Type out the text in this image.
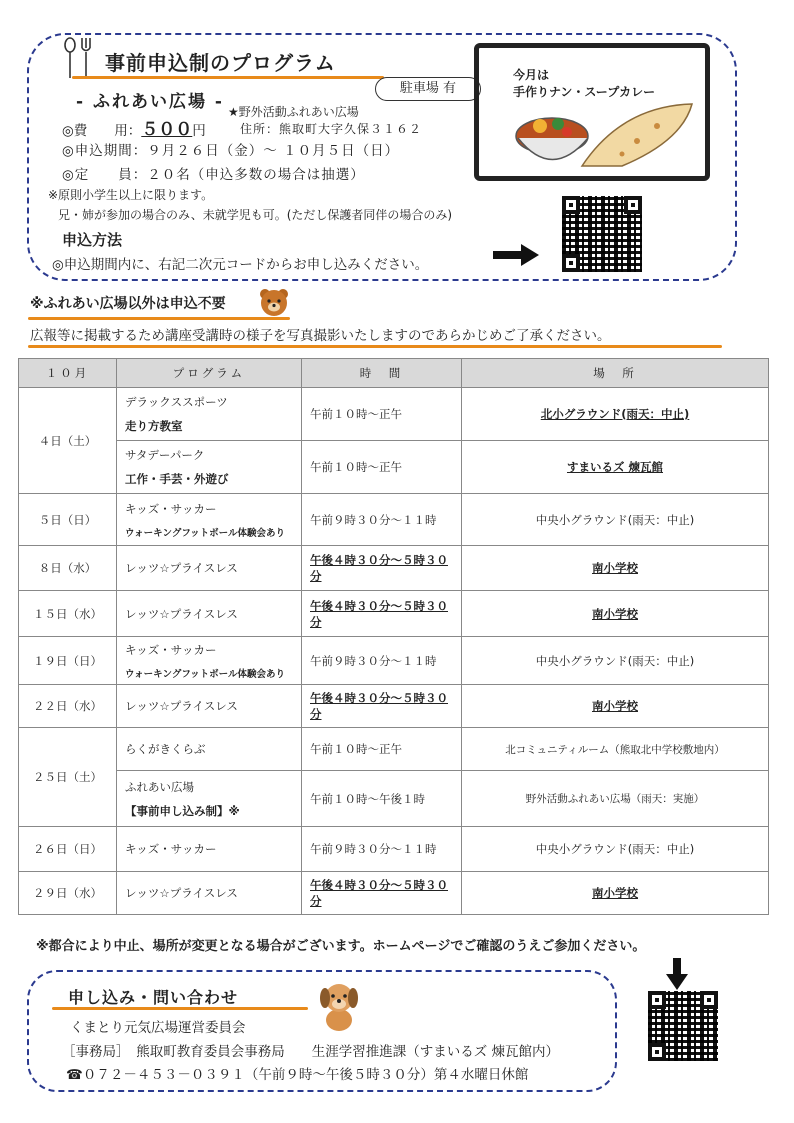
事前申込制のプログラム
駐車場 有
- ふれあい広場 - ★野外活動ふれあい広場
住所：熊取町大字久保３１６２
◎費　　用：５００円
◎申込期間：９月２６日（金）～ １０月５日（日）
◎定　　員：２０名（申込多数の場合は抽選）
※原則小学生以上に限ります。
兄・姉が参加の場合のみ、未就学児も可。(ただし保護者同伴の場合のみ)
申込方法
◎申込期間内に、右記二次元コードからお申し込みください。
今月は
手作りナン・スープカレー
※ふれあい広場以外は申込不要
広報等に掲載するため講座受講時の様子を写真撮影いたしますのであらかじめご了承ください。
１０月	プログラム	時　間	場　所
４日（土）	デラックススポーツ
走り方教室	午前１０時～正午	北小グラウンド(雨天：中止)

	サタデーパーク
工作・手芸・外遊び	午前１０時～正午	すまいるズ 煉瓦館
５日（日）	キッズ・サッカー
ウォーキングフットボール体験会あり	午前９時３０分～１１時	中央小グラウンド(雨天：中止)
８日（水）	レッツ☆プライスレス	午後４時３０分～５時３０分	南小学校
１５日（水）	レッツ☆プライスレス	午後４時３０分～５時３０分	南小学校
１９日（日）	キッズ・サッカー
ウォーキングフットボール体験会あり	午前９時３０分～１１時	中央小グラウンド(雨天：中止)
２２日（水）	レッツ☆プライスレス	午後４時３０分～５時３０分	南小学校
２５日（土）	らくがきくらぶ	午前１０時～正午	北コミュニティルーム（熊取北中学校敷地内）

	ふれあい広場
【事前申し込み制】※	午前１０時～午後１時	野外活動ふれあい広場（雨天：実施）
２６日（日）	キッズ・サッカー	午前９時３０分～１１時	中央小グラウンド(雨天：中止)
２９日（水）	レッツ☆プライスレス	午後４時３０分～５時３０分	南小学校
※都合により中止、場所が変更となる場合がございます。ホームページでご確認のうえご参加ください。
申し込み・問い合わせ
くまとり元気広場運営委員会
［事務局］　熊取町教育委員会事務局　　生涯学習推進課（すまいるズ 煉瓦館内）
☎０７２－４５３－０３９１（午前９時～午後５時３０分）第４水曜日休館
